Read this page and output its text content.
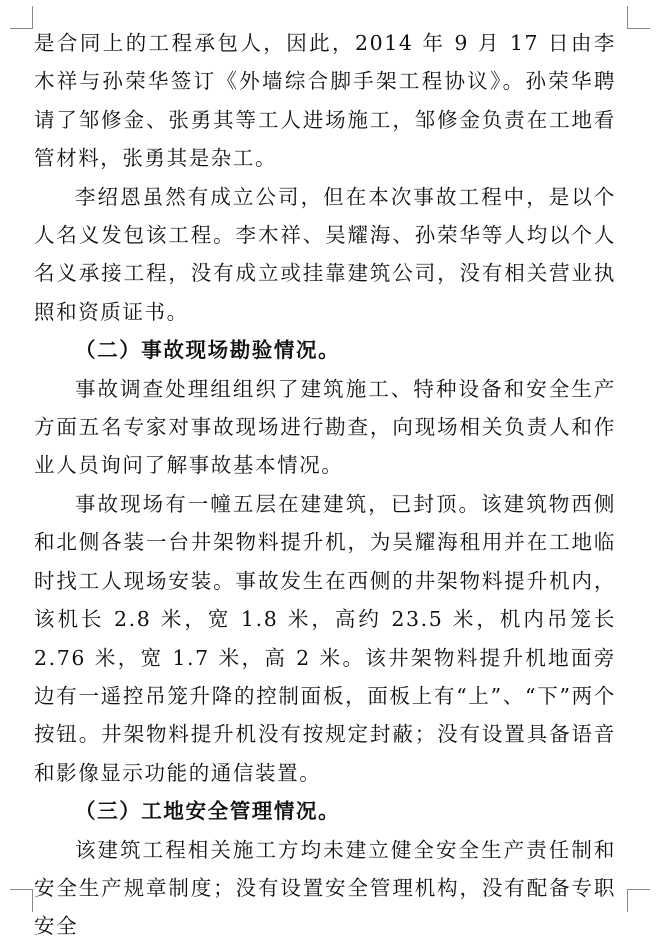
是合同上的工程承包人，因此，2014 年 9 月 17 日由李木祥与孙荣华签订《外墙综合脚手架工程协议》。孙荣华聘请了邹修金、张勇其等工人进场施工，邹修金负责在工地看管材料，张勇其是杂工。

李绍恩虽然有成立公司，但在本次事故工程中，是以个人名义发包该工程。李木祥、吴耀海、孙荣华等人均以个人名义承接工程，没有成立或挂靠建筑公司，没有相关营业执照和资质证书。

（二）事故现场勘验情况。

事故调查处理组组织了建筑施工、特种设备和安全生产方面五名专家对事故现场进行勘查，向现场相关负责人和作业人员询问了解事故基本情况。

事故现场有一幢五层在建建筑，已封顶。该建筑物西侧和北侧各装一台井架物料提升机，为吴耀海租用并在工地临时找工人现场安装。事故发生在西侧的井架物料提升机内，该机长 2.8 米，宽 1.8 米，高约 23.5 米，机内吊笼长 2.76 米，宽 1.7 米，高 2 米。该井架物料提升机地面旁边有一遥控吊笼升降的控制面板，面板上有“上”、“下”两个按钮。井架物料提升机没有按规定封蔽；没有设置具备语音和影像显示功能的通信装置。

（三）工地安全管理情况。

该建筑工程相关施工方均未建立健全安全生产责任制和安全生产规章制度；没有设置安全管理机构，没有配备专职安全
